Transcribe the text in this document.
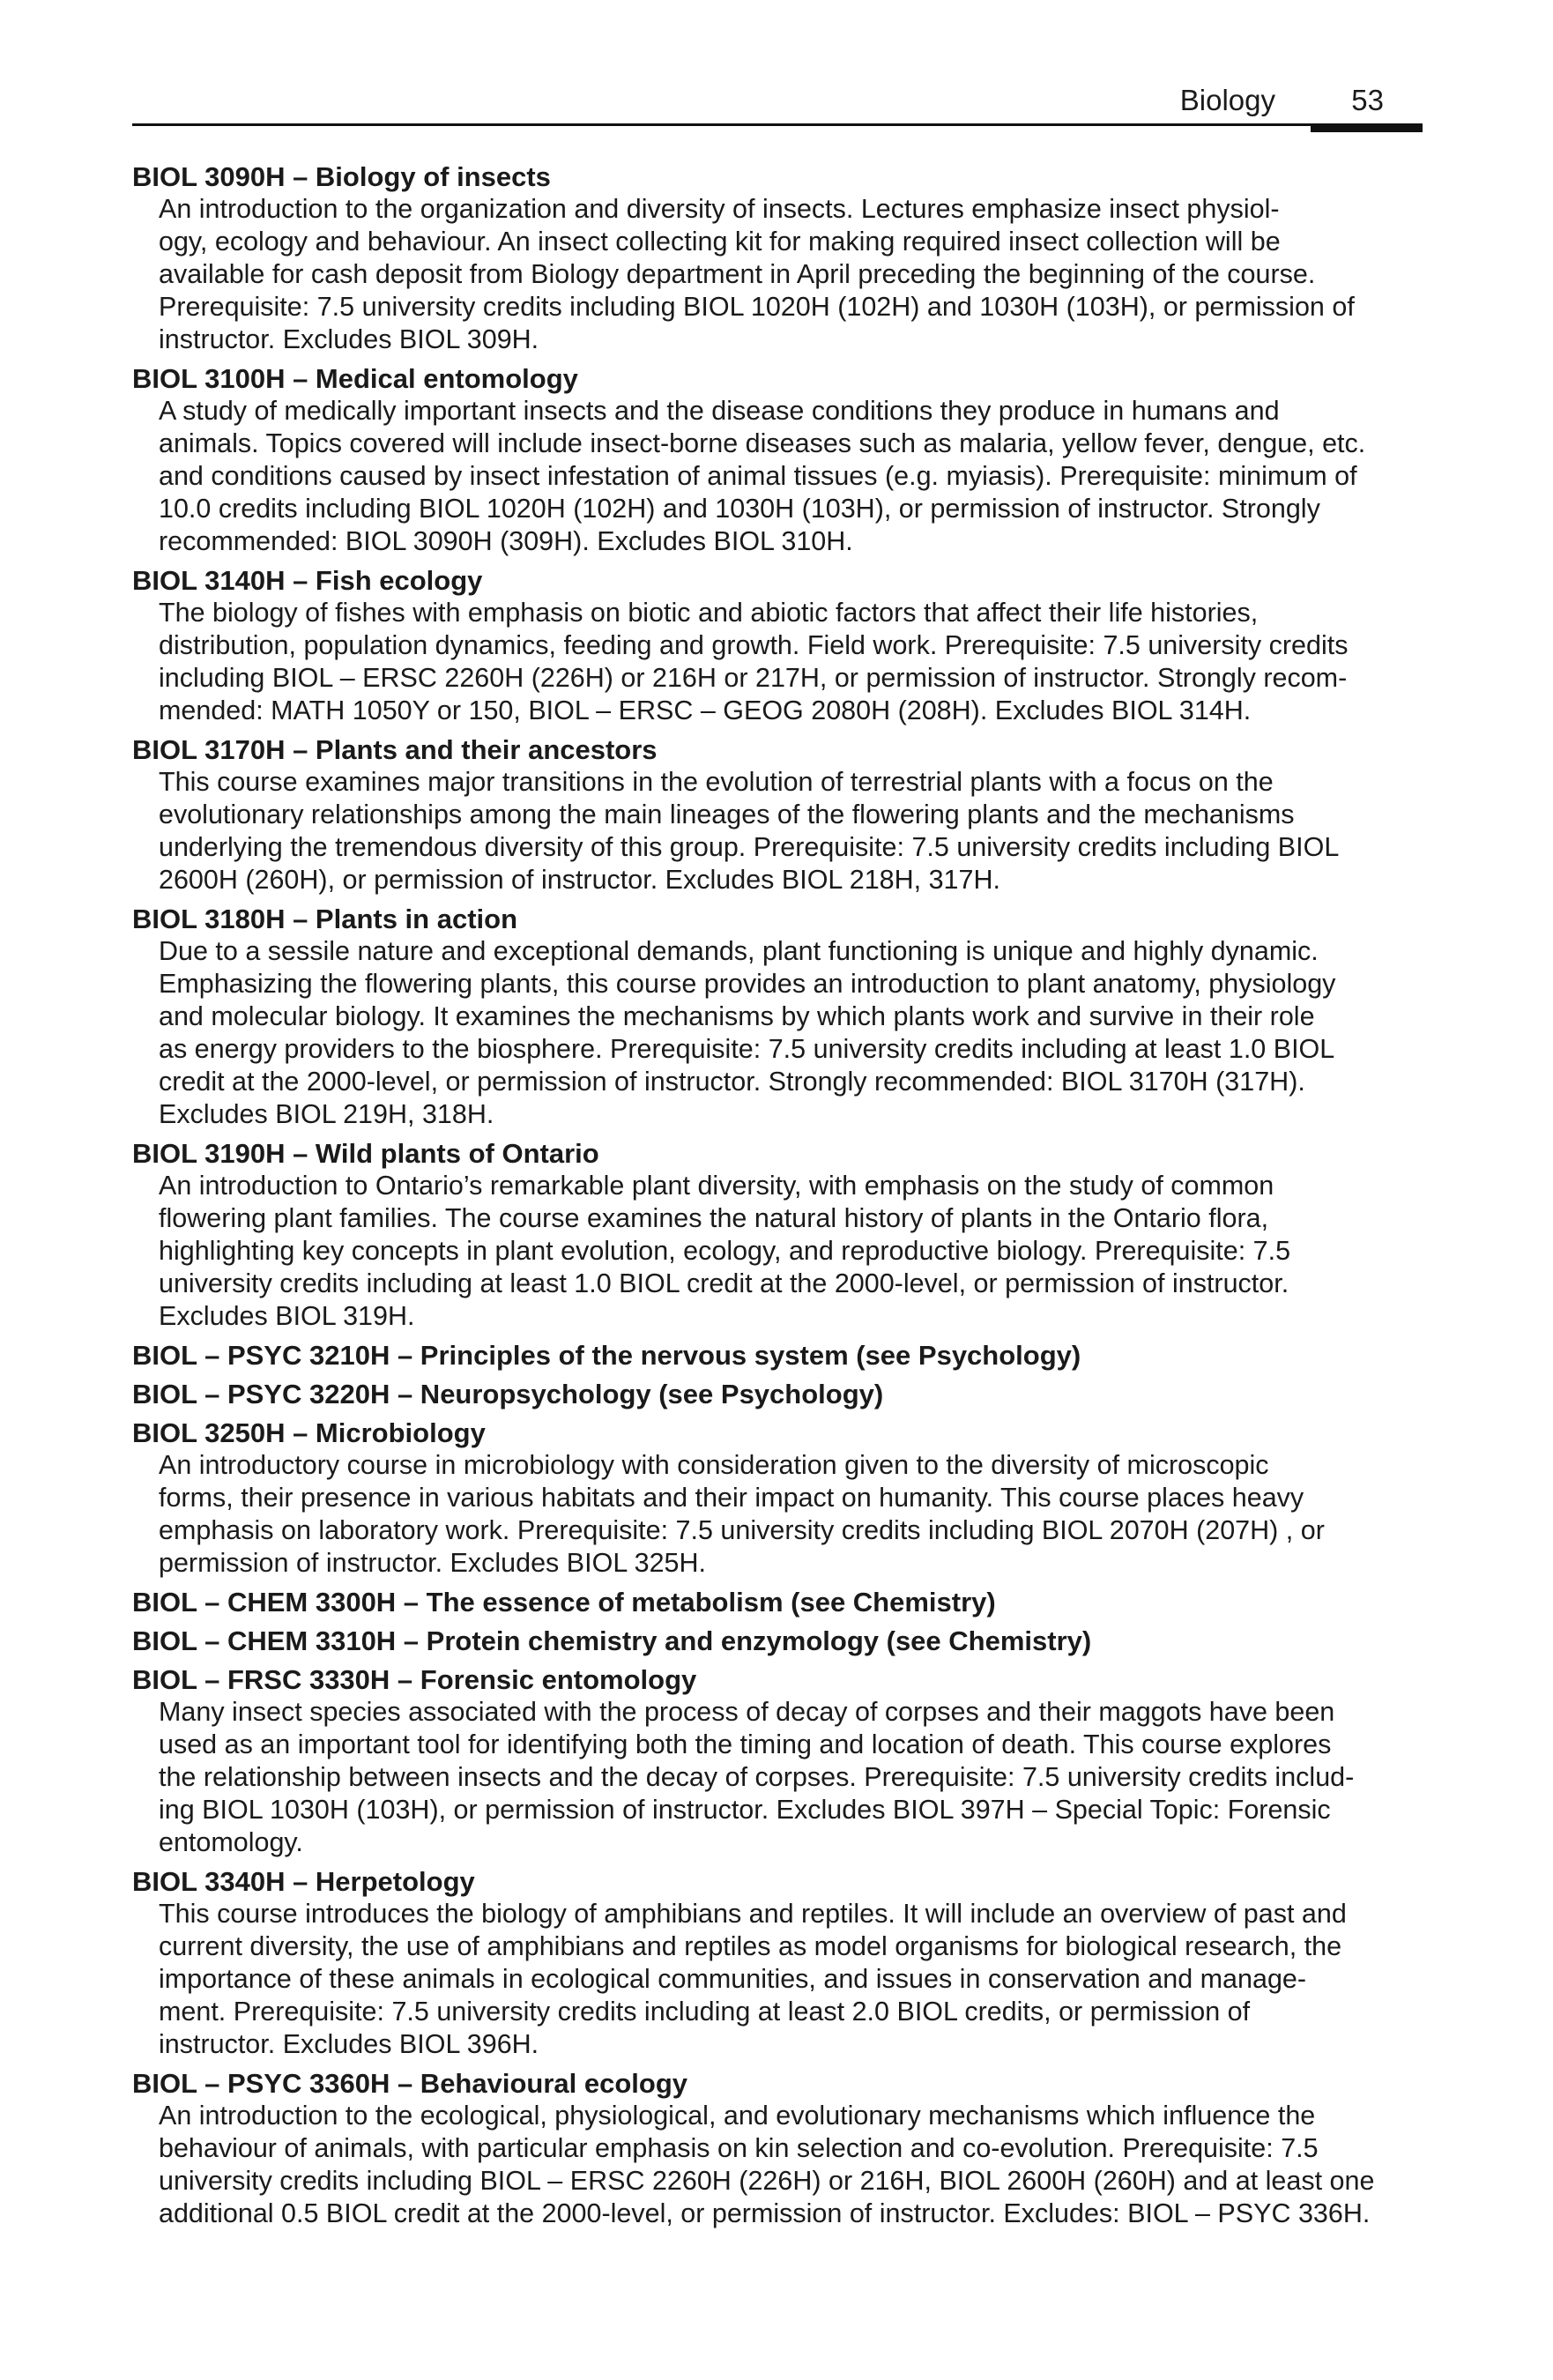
Biology	53
BIOL 3090H – Biology of insects
An introduction to the organization and diversity of insects. Lectures emphasize insect physiol-
ogy, ecology and behaviour. An insect collecting kit for making required insect collection will be
available for cash deposit from Biology department in April preceding the beginning of the course.
Prerequisite: 7.5 university credits including BIOL 1020H (102H) and 1030H (103H), or permission of
instructor. Excludes BIOL 309H.
BIOL 3100H – Medical entomology
A study of medically important insects and the disease conditions they produce in humans and
animals. Topics covered will include insect-borne diseases such as malaria, yellow fever, dengue, etc.
and conditions caused by insect infestation of animal tissues (e.g. myiasis). Prerequisite: minimum of
10.0 credits including BIOL 1020H (102H) and 1030H (103H), or permission of instructor. Strongly
recommended: BIOL 3090H (309H). Excludes BIOL 310H.
BIOL 3140H – Fish ecology
The biology of fishes with emphasis on biotic and abiotic factors that affect their life histories,
distribution, population dynamics, feeding and growth. Field work. Prerequisite: 7.5 university credits
including BIOL – ERSC 2260H (226H) or 216H or 217H, or permission of instructor. Strongly recom-
mended: MATH 1050Y or 150, BIOL – ERSC – GEOG 2080H (208H). Excludes BIOL 314H.
BIOL 3170H – Plants and their ancestors
This course examines major transitions in the evolution of terrestrial plants with a focus on the
evolutionary relationships among the main lineages of the flowering plants and the mechanisms
underlying the tremendous diversity of this group. Prerequisite: 7.5 university credits including BIOL
2600H (260H), or permission of instructor. Excludes BIOL 218H, 317H.
BIOL 3180H – Plants in action
Due to a sessile nature and exceptional demands, plant functioning is unique and highly dynamic.
Emphasizing the flowering plants, this course provides an introduction to plant anatomy, physiology
and molecular biology. It examines the mechanisms by which plants work and survive in their role
as energy providers to the biosphere. Prerequisite: 7.5 university credits including at least 1.0 BIOL
credit at the 2000-level, or permission of instructor. Strongly recommended: BIOL 3170H (317H).
Excludes BIOL 219H, 318H.
BIOL 3190H – Wild plants of Ontario
An introduction to Ontario’s remarkable plant diversity, with emphasis on the study of common
flowering plant families. The course examines the natural history of plants in the Ontario flora,
highlighting key concepts in plant evolution, ecology, and reproductive biology. Prerequisite: 7.5
university credits including at least 1.0 BIOL credit at the 2000-level, or permission of instructor.
Excludes BIOL 319H.
BIOL – PSYC 3210H – Principles of the nervous system (see Psychology)
BIOL – PSYC 3220H – Neuropsychology (see Psychology)
BIOL 3250H – Microbiology
An introductory course in microbiology with consideration given to the diversity of microscopic
forms, their presence in various habitats and their impact on humanity. This course places heavy
emphasis on laboratory work. Prerequisite: 7.5 university credits including BIOL 2070H (207H) , or
permission of instructor. Excludes BIOL 325H.
BIOL – CHEM 3300H – The essence of metabolism (see Chemistry)
BIOL – CHEM 3310H – Protein chemistry and enzymology (see Chemistry)
BIOL – FRSC 3330H – Forensic entomology
Many insect species associated with the process of decay of corpses and their maggots have been
used as an important tool for identifying both the timing and location of death. This course explores
the relationship between insects and the decay of corpses. Prerequisite: 7.5 university credits includ-
ing BIOL 1030H (103H), or permission of instructor. Excludes BIOL 397H – Special Topic: Forensic
entomology.
BIOL 3340H – Herpetology
This course introduces the biology of amphibians and reptiles. It will include an overview of past and
current diversity, the use of amphibians and reptiles as model organisms for biological research, the
importance of these animals in ecological communities, and issues in conservation and manage-
ment. Prerequisite: 7.5 university credits including at least 2.0 BIOL credits, or permission of
instructor. Excludes BIOL 396H.
BIOL – PSYC 3360H – Behavioural ecology
An introduction to the ecological, physiological, and evolutionary mechanisms which influence the
behaviour of animals, with particular emphasis on kin selection and co-evolution. Prerequisite: 7.5
university credits including BIOL – ERSC 2260H (226H) or 216H, BIOL 2600H (260H) and at least one
additional 0.5 BIOL credit at the 2000-level, or permission of instructor. Excludes: BIOL – PSYC 336H.
